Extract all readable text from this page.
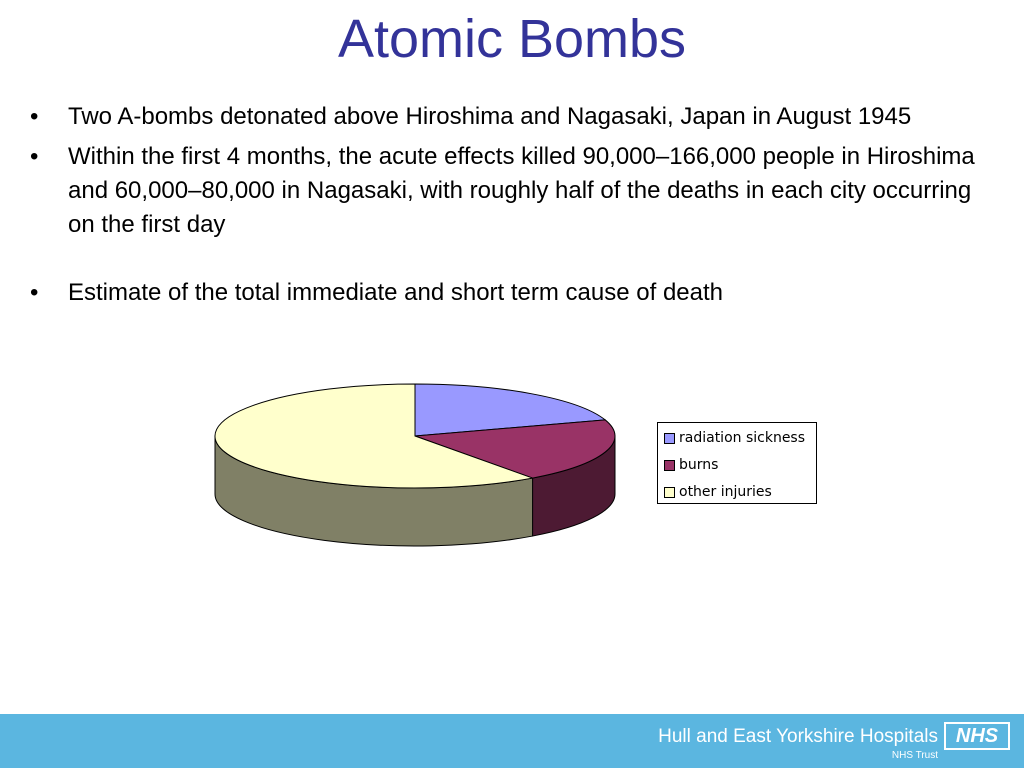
Atomic Bombs
• Two A-bombs detonated above Hiroshima and Nagasaki, Japan in August 1945
• Within the first 4 months, the acute effects killed 90,000–166,000 people in Hiroshima and 60,000–80,000 in Nagasaki, with roughly half of the deaths in each city occurring on the first day
• Estimate of the total immediate and short term cause of death
radiation sickness
burns
other injuries
Hull and East Yorkshire Hospitals
NHS Trust
NHS
